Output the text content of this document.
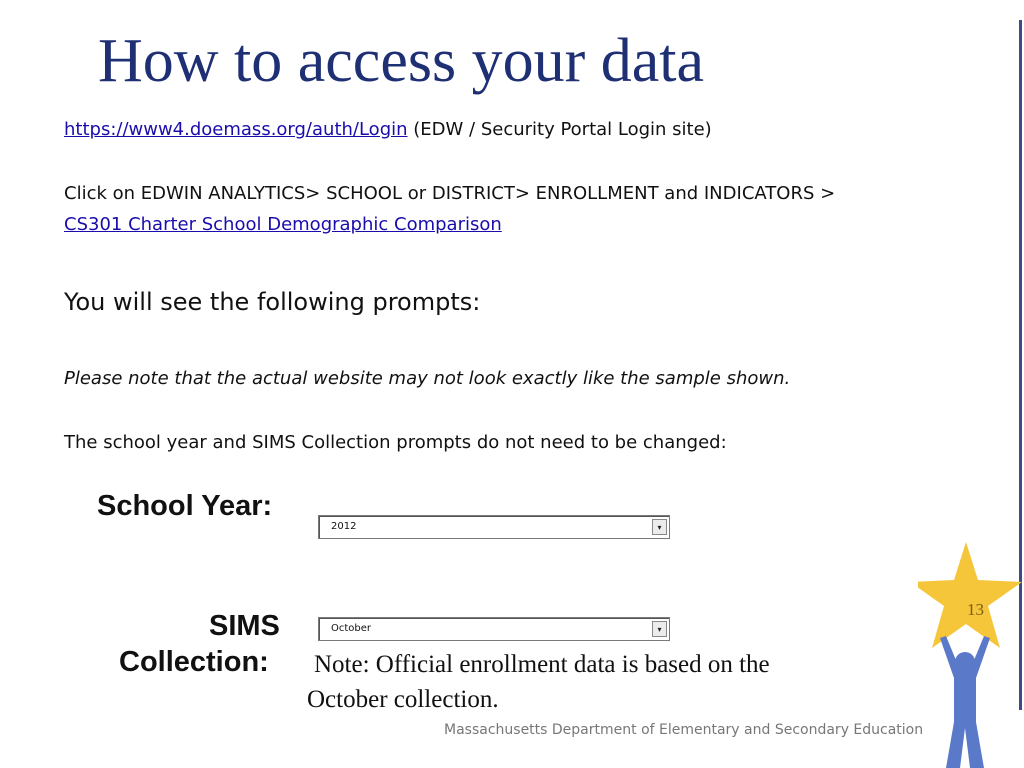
How to access your data
https://www4.doemass.org/auth/Login (EDW / Security Portal Login site)
Click on EDWIN ANALYTICS> SCHOOL or DISTRICT> ENROLLMENT and INDICATORS >
CS301 Charter School Demographic Comparison
You will see the following prompts:
Please note that the actual website may not look exactly like the sample shown.
The school year and SIMS Collection prompts do not need to be changed:
School Year:
2012	▾
SIMS
Collection:
October	▾
Note: Official enrollment data is based on the
October collection.
Massachusetts Department of Elementary and Secondary Education
13
